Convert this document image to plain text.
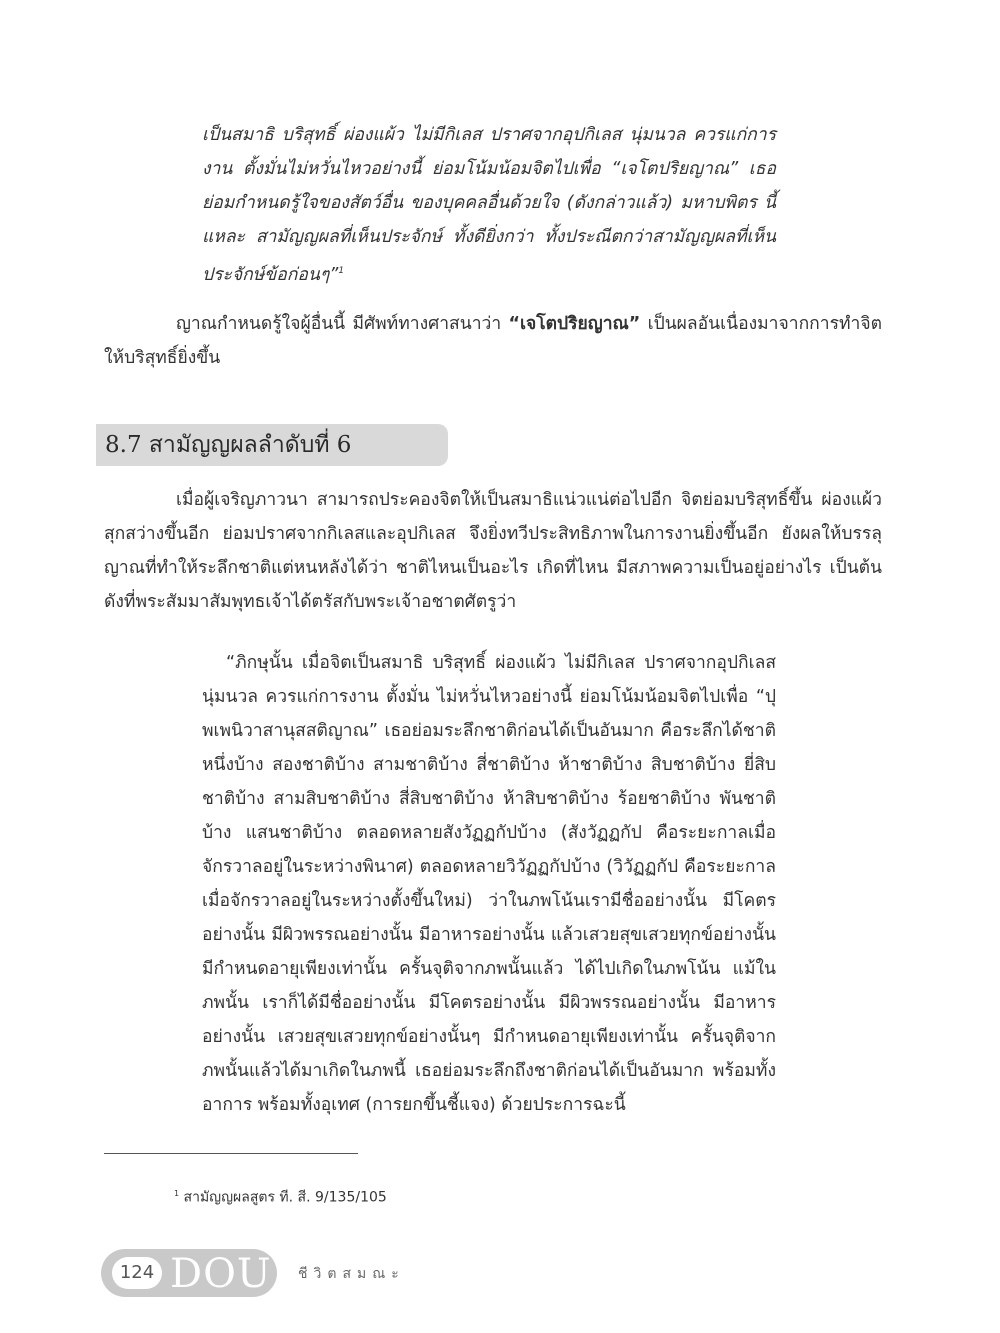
เป็นสมาธิ บริสุทธิ์ ผ่องแผ้ว ไม่มีกิเลส ปราศจากอุปกิเลส นุ่มนวล ควรแก่การงาน ตั้งมั่นไม่หวั่นไหวอย่างนี้ ย่อมโน้มน้อมจิตไปเพื่อ “เจโตปริยญาณ” เธอย่อมกำหนดรู้ใจของสัตว์อื่น ของบุคคลอื่นด้วยใจ (ดังกล่าวแล้ว) มหาบพิตร นี้แหละ สามัญญผลที่เห็นประจักษ์ ทั้งดียิ่งกว่า ทั้งประณีตกว่าสามัญญผลที่เห็นประจักษ์ข้อก่อนๆ”$^1$

ญาณกำหนดรู้ใจผู้อื่นนี้ มีศัพท์ทางศาสนาว่า “เจโตปริยญาณ” เป็นผลอันเนื่องมาจากการทำจิตให้บริสุทธิ์ยิ่งขึ้น

8.7 สามัญญผลลำดับที่ 6

เมื่อผู้เจริญภาวนา สามารถประคองจิตให้เป็นสมาธิแน่วแน่ต่อไปอีก จิตย่อมบริสุทธิ์ขึ้น ผ่องแผ้วสุกสว่างขึ้นอีก ย่อมปราศจากกิเลสและอุปกิเลส จึงยิ่งทวีประสิทธิภาพในการงานยิ่งขึ้นอีก ยังผลให้บรรลุญาณที่ทำให้ระลึกชาติแต่หนหลังได้ว่า ชาติไหนเป็นอะไร เกิดที่ไหน มีสภาพความเป็นอยู่อย่างไร เป็นต้น ดังที่พระสัมมาสัมพุทธเจ้าได้ตรัสกับพระเจ้าอชาตศัตรูว่า

“ภิกษุนั้น เมื่อจิตเป็นสมาธิ บริสุทธิ์ ผ่องแผ้ว ไม่มีกิเลส ปราศจากอุปกิเลส นุ่มนวล ควรแก่การงาน ตั้งมั่น ไม่หวั่นไหวอย่างนี้ ย่อมโน้มน้อมจิตไปเพื่อ “ปุพเพนิวาสานุสสติญาณ” เธอย่อมระลึกชาติก่อนได้เป็นอันมาก คือระลึกได้ชาติหนึ่งบ้าง สองชาติบ้าง สามชาติบ้าง สี่ชาติบ้าง ห้าชาติบ้าง สิบชาติบ้าง ยี่สิบชาติบ้าง สามสิบชาติบ้าง สี่สิบชาติบ้าง ห้าสิบชาติบ้าง ร้อยชาติบ้าง พันชาติบ้าง แสนชาติบ้าง ตลอดหลายสังวัฏฏกัปบ้าง (สังวัฏฏกัป คือระยะกาลเมื่อจักรวาลอยู่ในระหว่างพินาศ) ตลอดหลายวิวัฏฏกัปบ้าง (วิวัฏฏกัป คือระยะกาลเมื่อจักรวาลอยู่ในระหว่างตั้งขึ้นใหม่) ว่าในภพโน้นเรามีชื่ออย่างนั้น มีโคตรอย่างนั้น มีผิวพรรณอย่างนั้น มีอาหารอย่างนั้น แล้วเสวยสุขเสวยทุกข์อย่างนั้น มีกำหนดอายุเพียงเท่านั้น ครั้นจุติจากภพนั้นแล้ว ได้ไปเกิดในภพโน้น แม้ในภพนั้น เราก็ได้มีชื่ออย่างนั้น มีโคตรอย่างนั้น มีผิวพรรณอย่างนั้น มีอาหารอย่างนั้น เสวยสุขเสวยทุกข์อย่างนั้นๆ มีกำหนดอายุเพียงเท่านั้น ครั้นจุติจากภพนั้นแล้วได้มาเกิดในภพนี้ เธอย่อมระลึกถึงชาติก่อนได้เป็นอันมาก พร้อมทั้งอาการ พร้อมทั้งอุเทศ (การยกขึ้นชี้แจง) ด้วยประการฉะนี้

$^1$ สามัญญผลสูตร ที. สี. 9/135/105
124 DOU ชีวิตสมณะ
